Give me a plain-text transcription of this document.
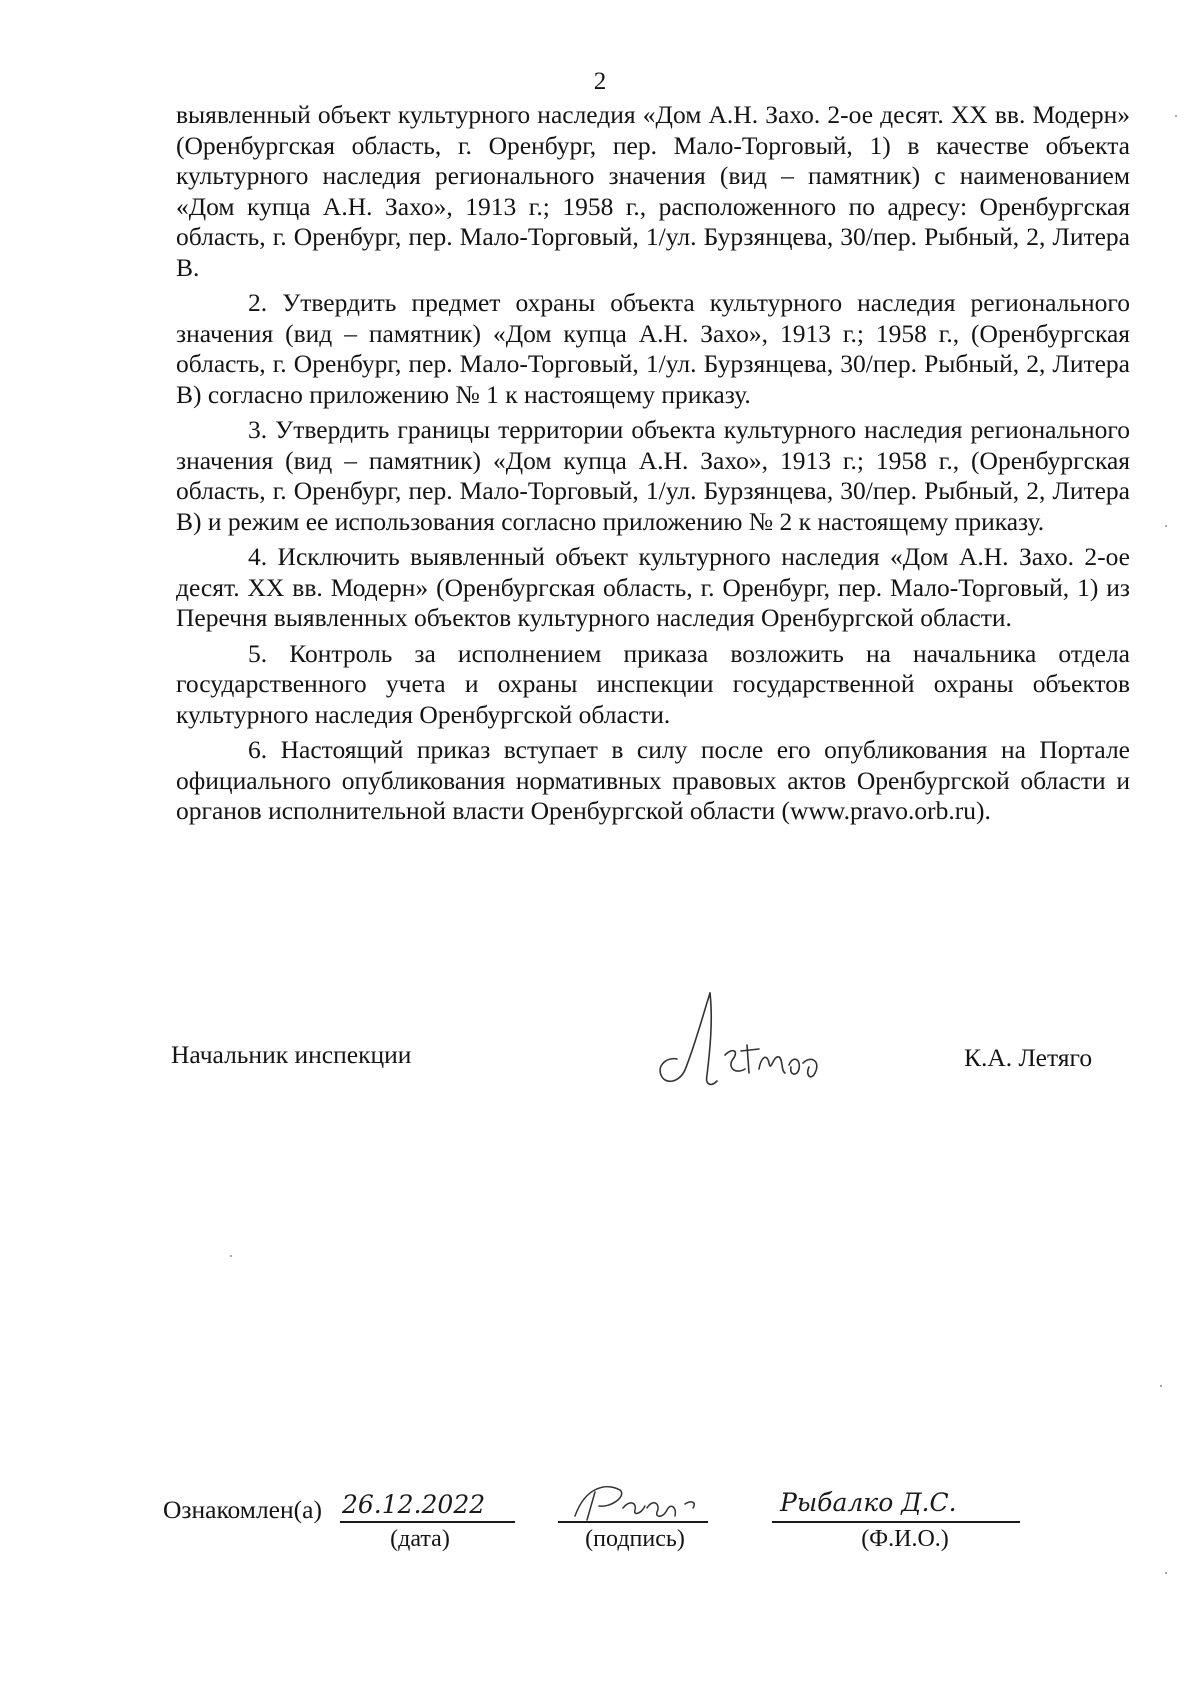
2

выявленный объект культурного наследия «Дом А.Н. Захо. 2-ое десят. XX вв. Модерн» (Оренбургская область, г. Оренбург, пер. Мало-Торговый, 1) в качестве объекта культурного наследия регионального значения (вид – памятник) с наименованием «Дом купца А.Н. Захо», 1913 г.; 1958 г., расположенного по адресу: Оренбургская область, г. Оренбург, пер. Мало-Торговый, 1/ул. Бурзянцева, 30/пер. Рыбный, 2, Литера В.

2. Утвердить предмет охраны объекта культурного наследия регионального значения (вид – памятник) «Дом купца А.Н. Захо», 1913 г.; 1958 г., (Оренбургская область, г. Оренбург, пер. Мало-Торговый, 1/ул. Бурзянцева, 30/пер. Рыбный, 2, Литера В) согласно приложению № 1 к настоящему приказу.

3. Утвердить границы территории объекта культурного наследия регионального значения (вид – памятник) «Дом купца А.Н. Захо», 1913 г.; 1958 г., (Оренбургская область, г. Оренбург, пер. Мало-Торговый, 1/ул. Бурзянцева, 30/пер. Рыбный, 2, Литера В) и режим ее использования согласно приложению № 2 к настоящему приказу.

4. Исключить выявленный объект культурного наследия «Дом А.Н. Захо. 2-ое десят. XX вв. Модерн» (Оренбургская область, г. Оренбург, пер. Мало-Торговый, 1) из Перечня выявленных объектов культурного наследия Оренбургской области.

5. Контроль за исполнением приказа возложить на начальника отдела государственного учета и охраны инспекции государственной охраны объектов культурного наследия Оренбургской области.

6. Настоящий приказ вступает в силу после его опубликования на Портале официального опубликования нормативных правовых актов Оренбургской области и органов исполнительной власти Оренбургской области (www.pravo.orb.ru).

Начальник инспекции	К.А. Летяго
Ознакомлен(а) 26.12.2022
(дата)	(подпись)
Рыбалко Д.С.
(Ф.И.О.)
